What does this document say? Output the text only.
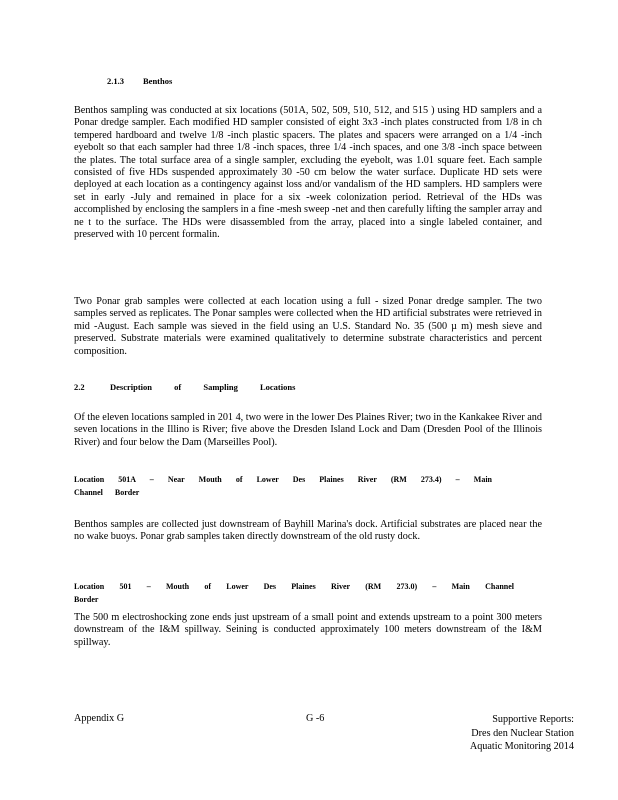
2.1.3 Benthos

Benthos sampling was conducted at six locations (501A, 502, 509, 510, 512, and 515 ) using HD samplers and a Ponar dredge sampler. Each modified HD sampler consisted of eight 3x3 -inch plates constructed from 1/8 in ch tempered hardboard and twelve 1/8 -inch plastic spacers. The plates and spacers were arranged on a 1/4 -inch eyebolt so that each sampler had three 1/8 -inch spaces, three 1/4 -inch spaces, and one 3/8 -inch space between the plates. The total surface area of a single sampler, excluding the eyebolt, was 1.01 square feet. Each sample consisted of five HDs suspended approximately 30 -50 cm below the water surface. Duplicate HD sets were deployed at each location as a contingency against loss and/or vandalism of the HD samplers. HD samplers were set in early -July and remained in place for a six -week colonization period. Retrieval of the HDs was accomplished by enclosing the samplers in a fine -mesh sweep -net and then carefully lifting the sampler array and ne t to the surface. The HDs were disassembled from the array, placed into a single labeled container, and preserved with 10 percent formalin.

Two Ponar grab samples were collected at each location using a full - sized Ponar dredge sampler. The two samples served as replicates. The Ponar samples were collected when the HD artificial substrates were retrieved in mid -August. Each sample was sieved in the field using an U.S. Standard No. 35 (500 µ m) mesh sieve and preserved. Substrate materials were examined qualitatively to determine substrate characteristics and percent composition.

2.2	Description of Sampling Locations

Of the eleven locations sampled in 201 4, two were in the lower Des Plaines River; two in the Kankakee River and seven locations in the Illino is River; five above the Dresden Island Lock and Dam (Dresden Pool of the Illinois River) and four below the Dam (Marseilles Pool).

Location 501A – Near Mouth of Lower Des Plaines River (RM 273.4) – Main Channel Border

Benthos samples are collected just downstream of Bayhill Marina's dock. Artificial substrates are placed near the no wake buoys. Ponar grab samples taken directly downstream of the old rusty dock.

Location 501 – Mouth of Lower Des Plaines River (RM 273.0) – Main Channel Border

The 500 m electroshocking zone ends just upstream of a small point and extends upstream to a point 300 meters downstream of the I&M spillway. Seining is conducted approximately 100 meters downstream of the I&M spillway.

Appendix G	G -6	Supportive Reports:
Dres den Nuclear Station
Aquatic Monitoring 2014
